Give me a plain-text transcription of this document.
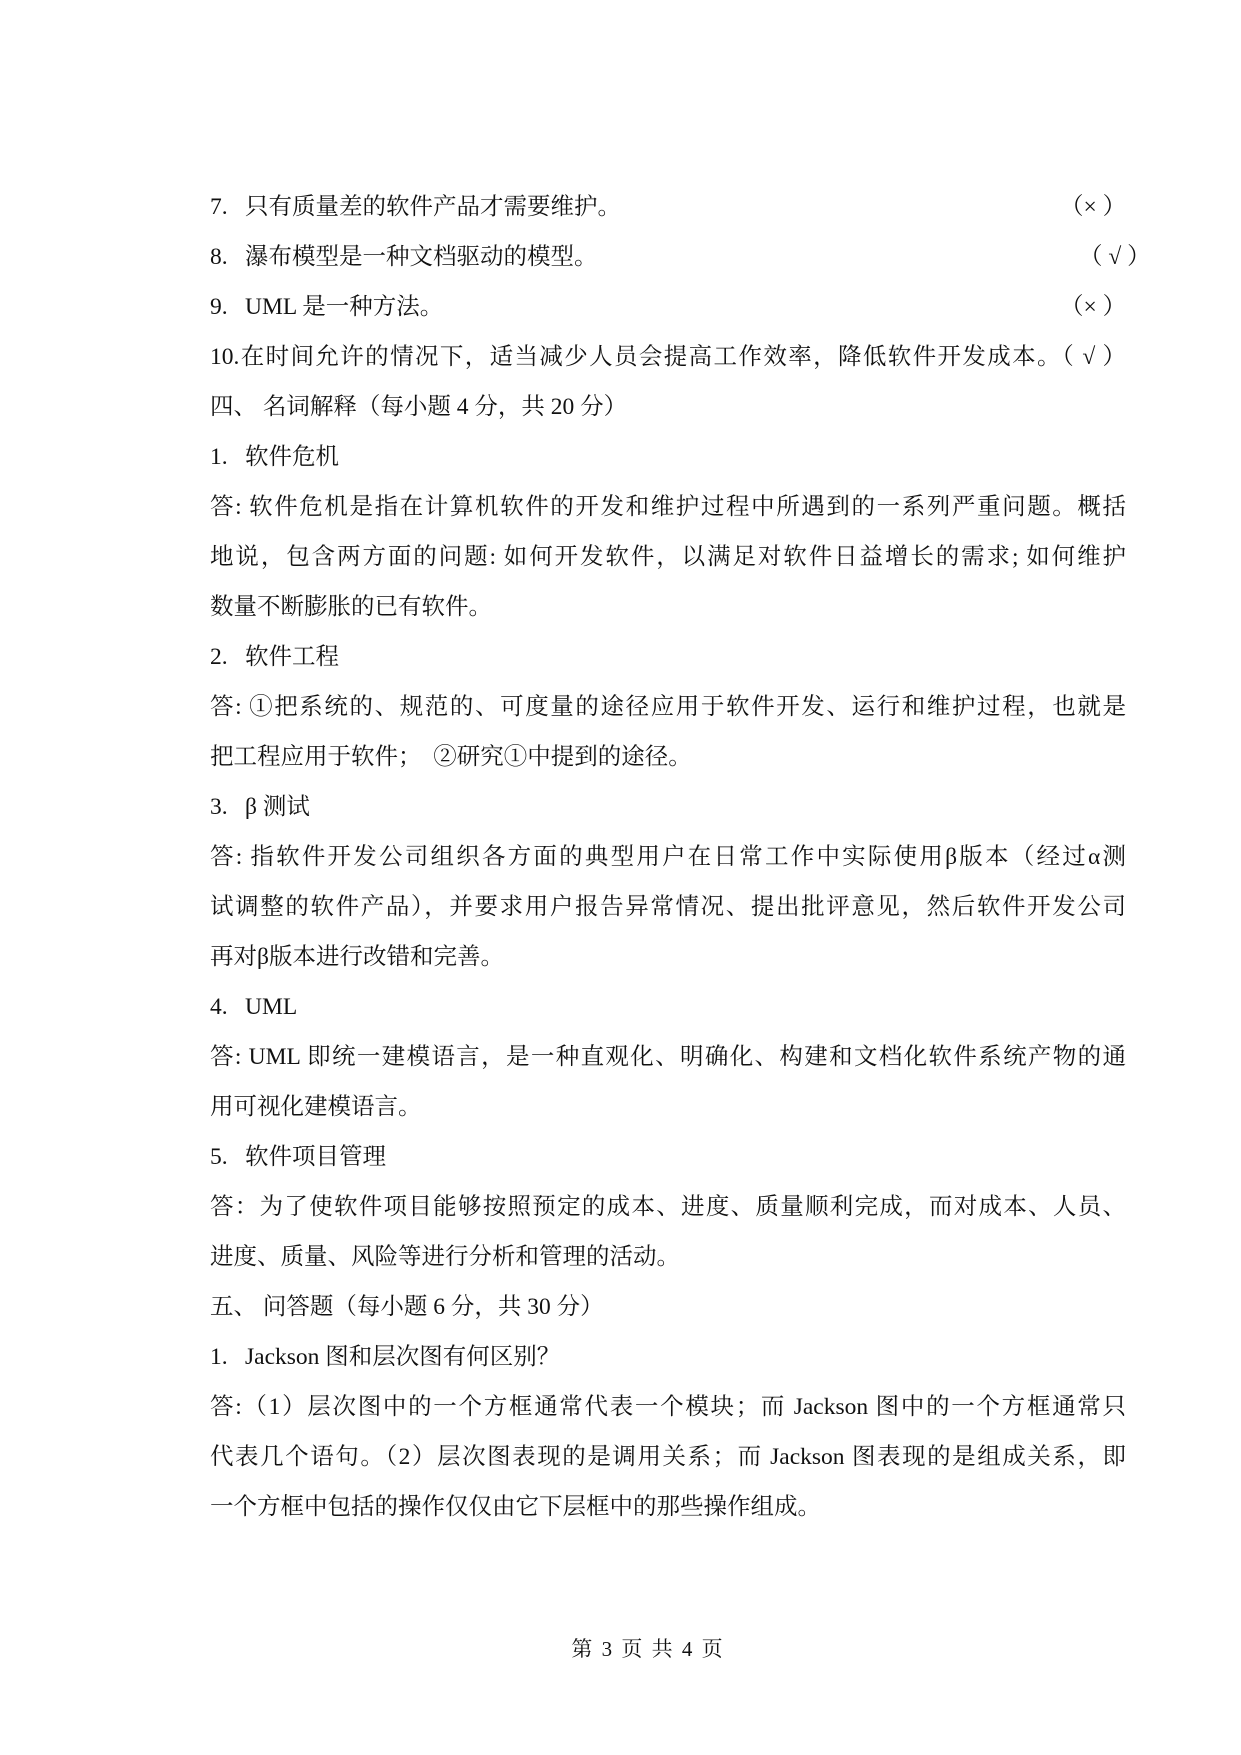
7. 只有质量差的软件产品才需要维护。	（× ）
8. 瀑布模型是一种文档驱动的模型。	（ √ ）
9. UML 是一种方法。	（× ）
10.在时间允许的情况下，适当减少人员会提高工作效率，降低软件开发成本。（ √ ）
四、 名词解释（每小题 4 分，共 20 分）
1. 软件危机
答: 软件危机是指在计算机软件的开发和维护过程中所遇到的一系列严重问题。概括
地说，包含两方面的问题: 如何开发软件，以满足对软件日益增长的需求; 如何维护
数量不断膨胀的已有软件。
2. 软件工程
答: ①把系统的、规范的、可度量的途径应用于软件开发、运行和维护过程，也就是
把工程应用于软件；  ②研究①中提到的途径。
3. β 测试
答: 指软件开发公司组织各方面的典型用户在日常工作中实际使用β版本（经过α测
试调整的软件产品），并要求用户报告异常情况、提出批评意见，然后软件开发公司
再对β版本进行改错和完善。
4. UML
答: UML 即统一建模语言，是一种直观化、明确化、构建和文档化软件系统产物的通
用可视化建模语言。
5. 软件项目管理
答：为了使软件项目能够按照预定的成本、进度、质量顺利完成，而对成本、人员、
进度、质量、风险等进行分析和管理的活动。
五、 问答题（每小题 6 分，共 30 分）
1. Jackson 图和层次图有何区别？
答:（1）层次图中的一个方框通常代表一个模块；而 Jackson 图中的一个方框通常只
代表几个语句。（2）层次图表现的是调用关系；而 Jackson 图表现的是组成关系，即
一个方框中包括的操作仅仅由它下层框中的那些操作组成。
第 3 页 共 4 页
